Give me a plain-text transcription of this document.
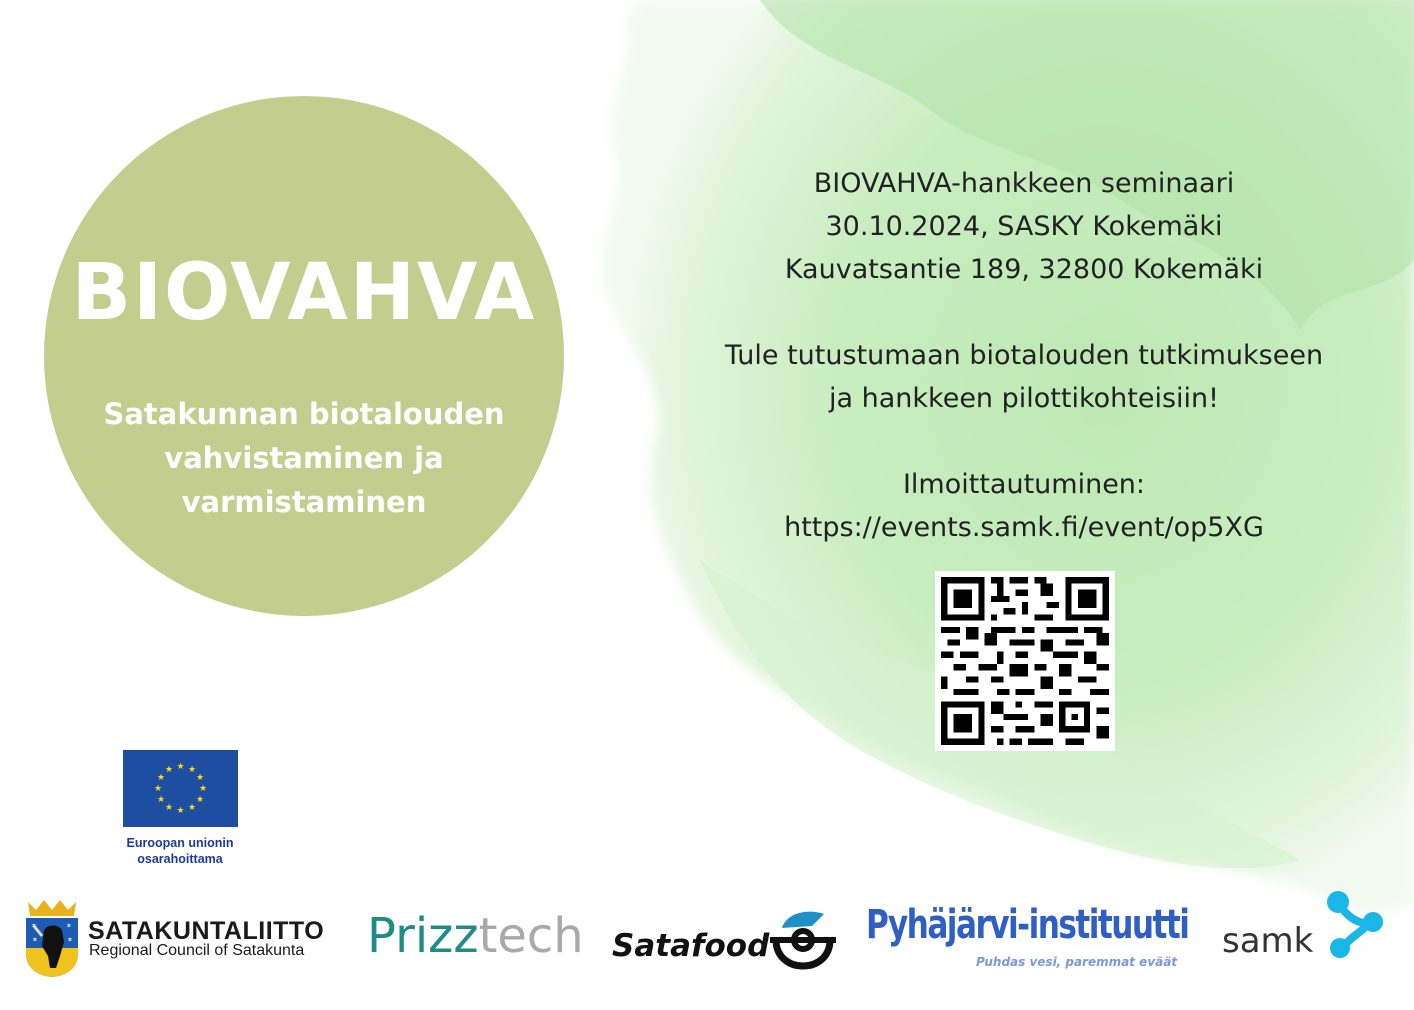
BIOVAHVA
Satakunnan biotalouden
vahvistaminen ja
varmistaminen
BIOVAHVA-hankkeen seminaari
30.10.2024, SASKY Kokemäki
Kauvatsantie 189, 32800 Kokemäki
Tule tutustumaan biotalouden tutkimukseen
ja hankkeen pilottikohteisiin!
Ilmoittautuminen:
https://events.samk.fi/event/op5XG
★ ★
★
★
★
★
★
★
★
★
★
★
Euroopan unionin
osarahoittama
✶	✶
✶	✶ SATAKUNTALIITTO
Regional Council of Satakunta Prizztech Satafood Pyhäjärvi-instituutti
Puhdas vesi, paremmat eväät
samk
